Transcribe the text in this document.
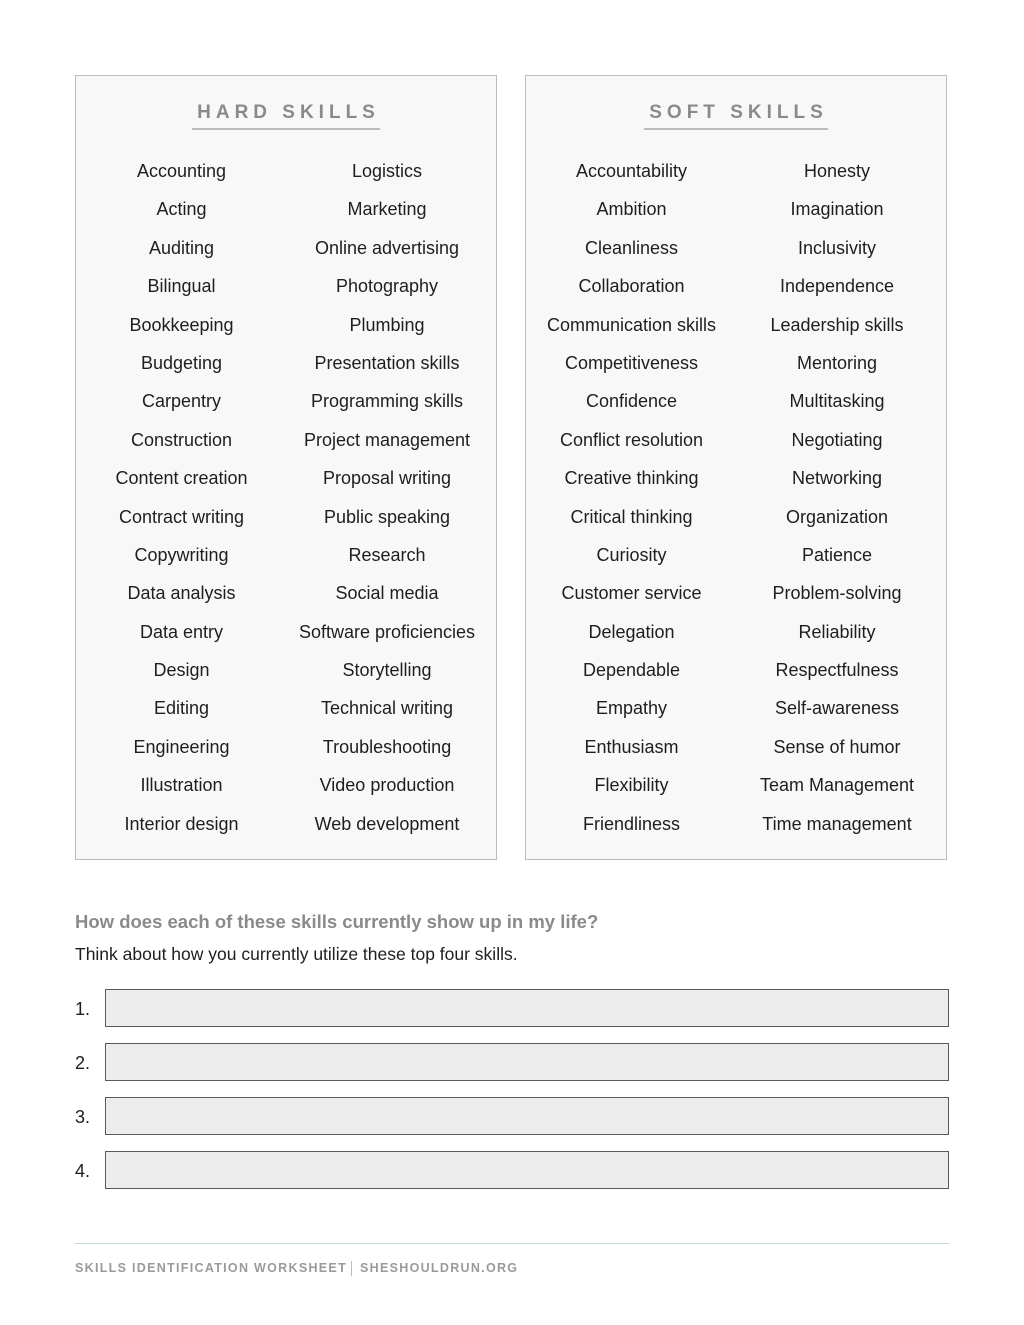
HARD SKILLS
Accounting
Acting
Auditing
Bilingual
Bookkeeping
Budgeting
Carpentry
Construction
Content creation
Contract writing
Copywriting
Data analysis
Data entry
Design
Editing
Engineering
Illustration
Interior design
Logistics
Marketing
Online advertising
Photography
Plumbing
Presentation skills
Programming skills
Project management
Proposal writing
Public speaking
Research
Social media
Software proficiencies
Storytelling
Technical writing
Troubleshooting
Video production
Web development
SOFT SKILLS
Accountability
Ambition
Cleanliness
Collaboration
Communication skills
Competitiveness
Confidence
Conflict resolution
Creative thinking
Critical thinking
Curiosity
Customer service
Delegation
Dependable
Empathy
Enthusiasm
Flexibility
Friendliness
Honesty
Imagination
Inclusivity
Independence
Leadership skills
Mentoring
Multitasking
Negotiating
Networking
Organization
Patience
Problem-solving
Reliability
Respectfulness
Self-awareness
Sense of humor
Team Management
Time management
How does each of these skills currently show up in my life?
Think about how you currently utilize these top four skills.
1.
2.
3.
4.
SKILLS IDENTIFICATION WORKSHEET SHESHOULDRUN.ORG
